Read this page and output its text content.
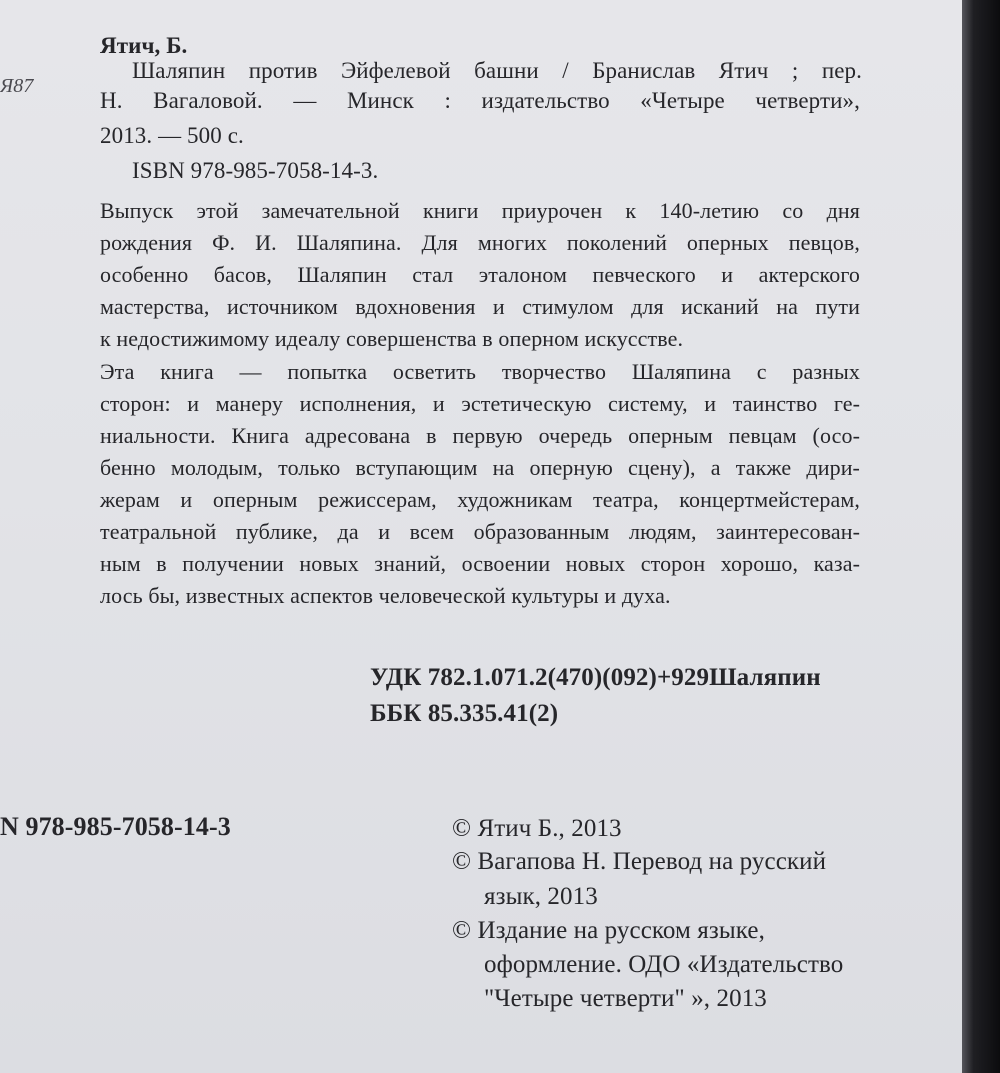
Я87
Ятич, Б.
Шаляпин против Эйфелевой башни / Бранислав Ятич ; пер.
Н. Вагаловой. — Минск : издательство «Четыре четверти»,
2013. — 500 с.
ISBN 978-985-7058-14-3.
Выпуск этой замечательной книги приурочен к 140-летию со дня
рождения Ф. И. Шаляпина. Для многих поколений оперных певцов,
особенно басов, Шаляпин стал эталоном певческого и актерского
мастерства, источником вдохновения и стимулом для исканий на пути
к недостижимому идеалу совершенства в оперном искусстве.
Эта книга — попытка осветить творчество Шаляпина с разных
сторон: и манеру исполнения, и эстетическую систему, и таинство ге-
ниальности. Книга адресована в первую очередь оперным певцам (осо-
бенно молодым, только вступающим на оперную сцену), а также дири-
жерам и оперным режиссерам, художникам театра, концертмейстерам,
театральной публике, да и всем образованным людям, заинтересован-
ным в получении новых знаний, освоении новых сторон хорошо, каза-
лось бы, известных аспектов человеческой культуры и духа.
УДК 782.1.071.2(470)(092)+929Шаляпин
ББК 85.335.41(2)
N 978-985-7058-14-3	© Ятич Б., 2013
© Вагапова Н. Перевод на русский
язык, 2013
© Издание на русском языке,
оформление. ОДО «Издательство
"Четыре четверти" », 2013
